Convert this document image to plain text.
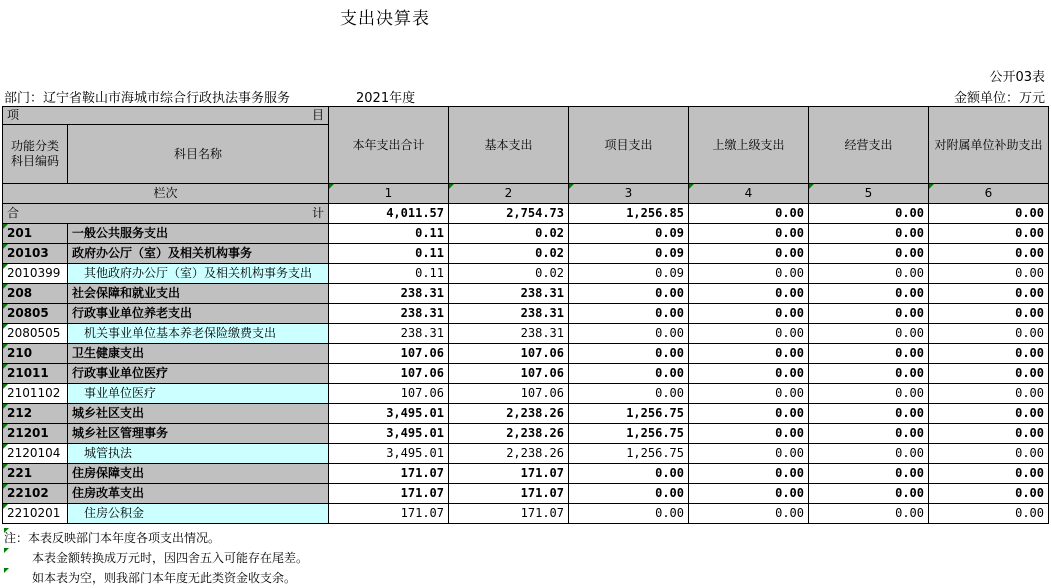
支出决算表
公开03表
部门：辽宁省鞍山市海城市综合行政执法事务服务	2021年度	金额单位：万元
项 目		本年支出合计	基本支出	项目支出	上缴上级支出	经营支出	对附属单位补助支出
功能分类科目编码	科目名称						
栏次		1	2	3	4	5	6
合 计		4,011.57	2,754.73	1,256.85	0.00	0.00	0.00
201	一般公共服务支出	0.11	0.02	0.09	0.00	0.00	0.00
20103	政府办公厅（室）及相关机构事务	0.11	0.02	0.09	0.00	0.00	0.00
2010399	其他政府办公厅（室）及相关机构事务支出	0.11	0.02	0.09	0.00	0.00	0.00
208	社会保障和就业支出	238.31	238.31	0.00	0.00	0.00	0.00
20805	行政事业单位养老支出	238.31	238.31	0.00	0.00	0.00	0.00
2080505	机关事业单位基本养老保险缴费支出	238.31	238.31	0.00	0.00	0.00	0.00
210	卫生健康支出	107.06	107.06	0.00	0.00	0.00	0.00
21011	行政事业单位医疗	107.06	107.06	0.00	0.00	0.00	0.00
2101102	事业单位医疗	107.06	107.06	0.00	0.00	0.00	0.00
212	城乡社区支出	3,495.01	2,238.26	1,256.75	0.00	0.00	0.00
21201	城乡社区管理事务	3,495.01	2,238.26	1,256.75	0.00	0.00	0.00
2120104	城管执法	3,495.01	2,238.26	1,256.75	0.00	0.00	0.00
221	住房保障支出	171.07	171.07	0.00	0.00	0.00	0.00
22102	住房改革支出	171.07	171.07	0.00	0.00	0.00	0.00
2210201	住房公积金	171.07	171.07	0.00	0.00	0.00	0.00
注：本表反映部门本年度各项支出情况。
本表金额转换成万元时，因四舍五入可能存在尾差。
如本表为空，则我部门本年度无此类资金收支余。
